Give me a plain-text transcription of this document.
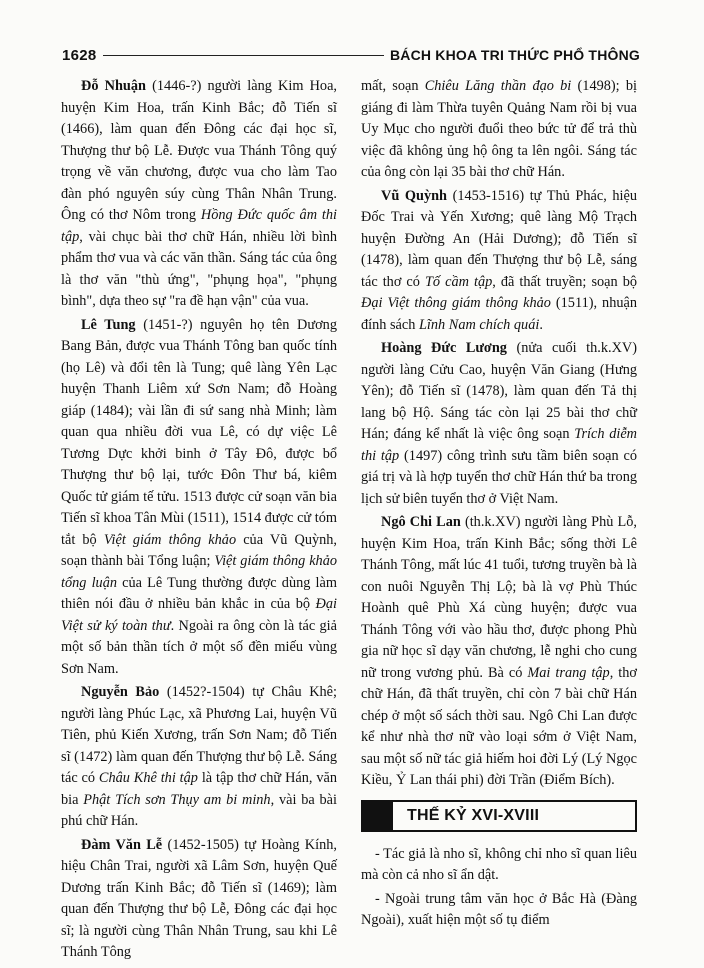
1628	BÁCH KHOA TRI THỨC PHỔ THÔNG

Đỗ Nhuận (1446-?) người làng Kim Hoa, huyện Kim Hoa, trấn Kinh Bắc; đỗ Tiến sĩ (1466), làm quan đến Đông các đại học sĩ, Thượng thư bộ Lễ. Được vua Thánh Tông quý trọng về văn chương, được vua cho làm Tao đàn phó nguyên súy cùng Thân Nhân Trung. Ông có thơ Nôm trong Hồng Đức quốc âm thi tập, vài chục bài thơ chữ Hán, nhiều lời bình phẩm thơ vua và các văn thần. Sáng tác của ông là thơ văn "thù ứng", "phụng họa", "phụng bình", dựa theo sự "ra đề hạn vận" của vua.

Lê Tung (1451-?) nguyên họ tên Dương Bang Bản, được vua Thánh Tông ban quốc tính (họ Lê) và đổi tên là Tung; quê làng Yên Lạc huyện Thanh Liêm xứ Sơn Nam; đỗ Hoàng giáp (1484); vài lần đi sứ sang nhà Minh; làm quan qua nhiều đời vua Lê, có dự việc Lê Tương Dực khởi binh ở Tây Đô, được bổ Thượng thư bộ lại, tước Đôn Thư bá, kiêm Quốc tử giám tế tửu. 1513 được cử soạn văn bia Tiến sĩ khoa Tân Mùi (1511), 1514 được cử tóm tắt bộ Việt giám thông khảo của Vũ Quỳnh, soạn thành bài Tổng luận; Việt giám thông khảo tổng luận của Lê Tung thường được dùng làm thiên nói đầu ở nhiều bản khắc in của bộ Đại Việt sử ký toàn thư. Ngoài ra ông còn là tác giả một số bản thần tích ở một số đền miếu vùng Sơn Nam.

Nguyễn Bảo (1452?-1504) tự Châu Khê; người làng Phúc Lạc, xã Phương Lai, huyện Vũ Tiên, phủ Kiến Xương, trấn Sơn Nam; đỗ Tiến sĩ (1472) làm quan đến Thượng thư bộ Lễ. Sáng tác có Châu Khê thi tập là tập thơ chữ Hán, văn bia Phật Tích sơn Thụy am bi minh, vài ba bài phú chữ Hán.

Đàm Văn Lễ (1452-1505) tự Hoàng Kính, hiệu Chân Trai, người xã Lâm Sơn, huyện Quế Dương trấn Kinh Bắc; đỗ Tiến sĩ (1469); làm quan đến Thượng thư bộ Lễ, Đông các đại học sĩ; là người cùng Thân Nhân Trung, sau khi Lê Thánh Tông

mất, soạn Chiêu Lăng thần đạo bi (1498); bị giáng đi làm Thừa tuyên Quảng Nam rồi bị vua Uy Mục cho người đuổi theo bức tử để trả thù việc đã không ủng hộ ông ta lên ngôi. Sáng tác của ông còn lại 35 bài thơ chữ Hán.

Vũ Quỳnh (1453-1516) tự Thủ Phác, hiệu Đốc Trai và Yến Xương; quê làng Mộ Trạch huyện Đường An (Hải Dương); đỗ Tiến sĩ (1478), làm quan đến Thượng thư bộ Lễ, sáng tác thơ có Tố cầm tập, đã thất truyền; soạn bộ Đại Việt thông giám thông khảo (1511), nhuận đính sách Lĩnh Nam chích quái.

Hoàng Đức Lương (nửa cuối th.k.XV) người làng Cửu Cao, huyện Văn Giang (Hưng Yên); đỗ Tiến sĩ (1478), làm quan đến Tả thị lang bộ Hộ. Sáng tác còn lại 25 bài thơ chữ Hán; đáng kể nhất là việc ông soạn Trích diễm thi tập (1497) công trình sưu tầm biên soạn có giá trị và là hợp tuyển thơ chữ Hán thứ ba trong lịch sử biên tuyển thơ ở Việt Nam.

Ngô Chi Lan (th.k.XV) người làng Phù Lỗ, huyện Kim Hoa, trấn Kinh Bắc; sống thời Lê Thánh Tông, mất lúc 41 tuổi, tương truyền bà là con nuôi Nguyễn Thị Lộ; bà là vợ Phù Thúc Hoành quê Phù Xá cùng huyện; được vua Thánh Tông với vào hầu thơ, được phong Phù gia nữ học sĩ dạy văn chương, lễ nghi cho cung nữ trong vương phủ. Bà có Mai trang tập, thơ chữ Hán, đã thất truyền, chỉ còn 7 bài chữ Hán chép ở một số sách thời sau. Ngô Chi Lan được kể như nhà thơ nữ vào loại sớm ở Việt Nam, sau một số nữ tác giả hiếm hoi đời Lý (Lý Ngọc Kiều, Ỷ Lan thái phi) đời Trần (Điểm Bích).

THẾ KỶ XVI-XVIII

- Tác giả là nho sĩ, không chỉ nho sĩ quan liêu mà còn cả nho sĩ ẩn dật.

- Ngoài trung tâm văn học ở Bắc Hà (Đàng Ngoài), xuất hiện một số tụ điểm
